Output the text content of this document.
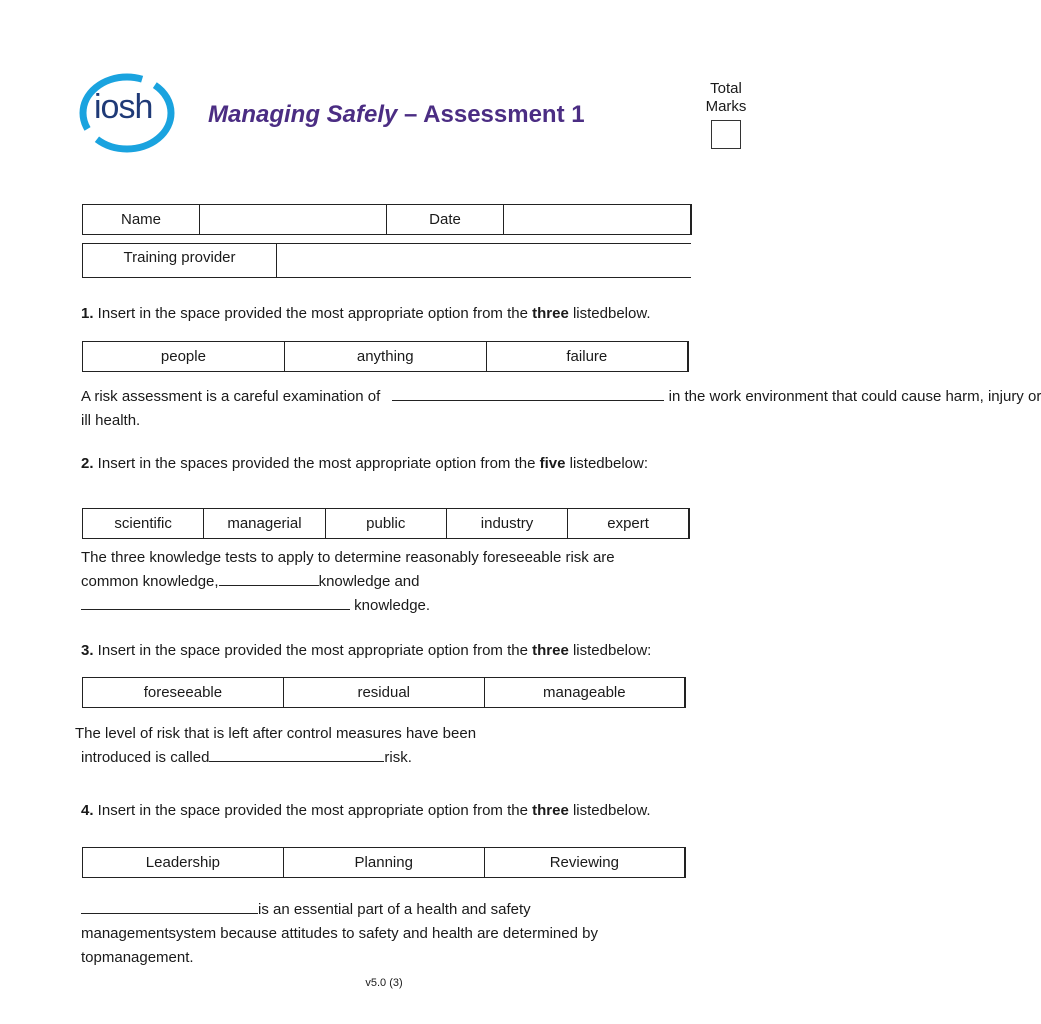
iosh Managing Safely – Assessment 1
Total
Marks
Name		Date	
Training provider	
1. Insert in the space provided the most appropriate option from the three listedbelow.
people	anything	failure
A risk assessment is a careful examination of	in the work environment that could cause harm, injury or
ill health.
2. Insert in the spaces provided the most appropriate option from the five listedbelow:
scientific	managerial	public	industry	expert
The three knowledge tests to apply to determine reasonably foreseeable risk are
common knowledge,	knowledge and
knowledge.
3. Insert in the space provided the most appropriate option from the three listedbelow:
foreseeable	residual	manageable
The level of risk that is left after control measures have been
introduced is called	risk.
4. Insert in the space provided the most appropriate option from the three listedbelow.
Leadership	Planning	Reviewing
is an essential part of a health and safety
managementsystem because attitudes to safety and health are determined by
topmanagement.
v5.0 (3)
